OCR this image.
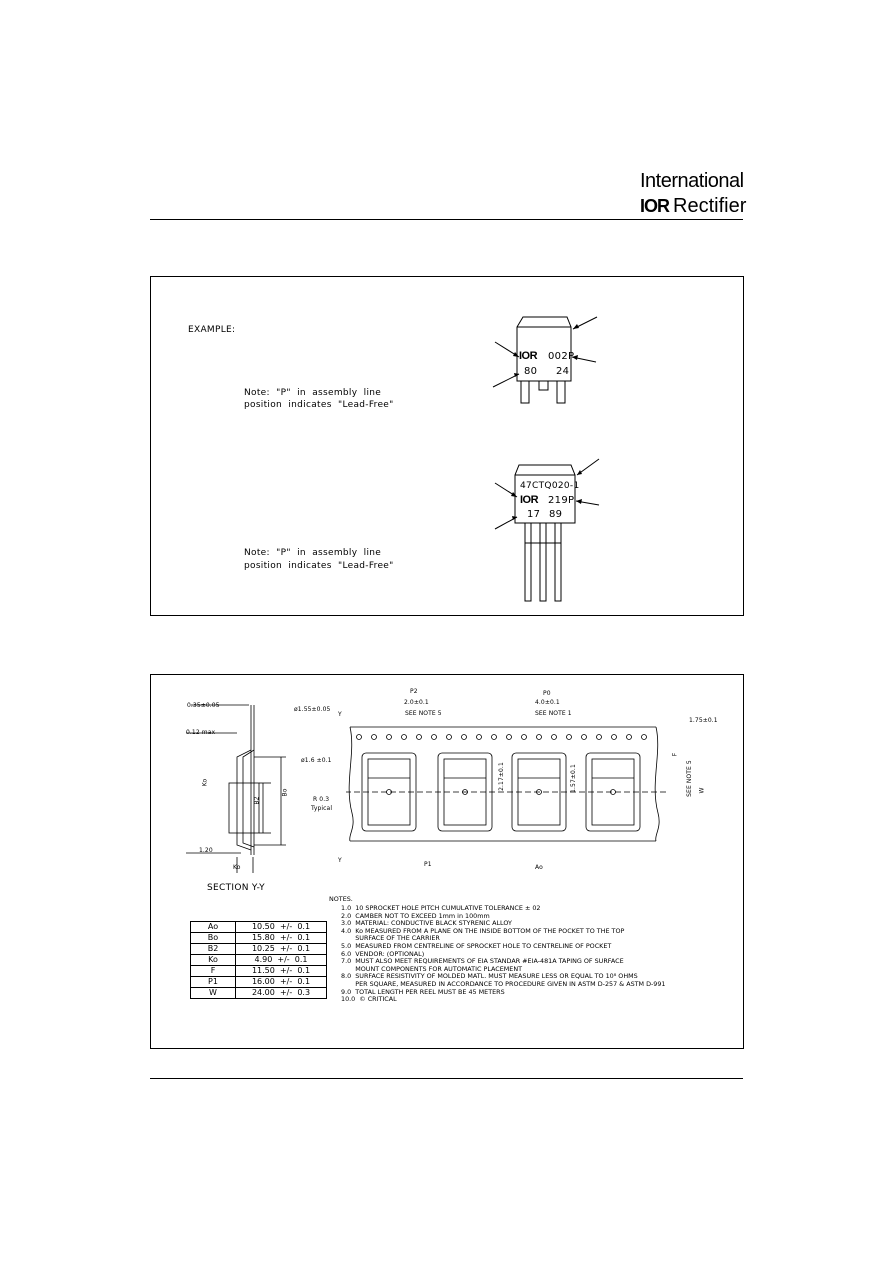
International
IOR Rectifier
EXAMPLE:
Note:  "P"  in  assembly  line
position  indicates  "Lead-Free"
Note:  "P"  in  assembly  line
position  indicates  "Lead-Free"
IOR 002P
80 24
47CTQ020-1
IOR 219P
17 89
0.35±0.05
0.12 max
Ko
B2
Bo
1.20
Ko
SECTION Y-Y
ø1.55±0.05
ø1.6 ±0.1
R 0.3
Typical
Y
Y
P2
2.0±0.1
SEE NOTE 5
P0
4.0±0.1
SEE NOTE 1
1.75±0.1
F
SEE NOTE 5 W
2.17±0.1	1.57±0.1
P1	Ao
NOTES.
1.0  10 SPROCKET HOLE PITCH CUMULATIVE TOLERANCE ± 02
2.0  CAMBER NOT TO EXCEED 1mm in 100mm
3.0  MATERIAL: CONDUCTIVE BLACK STYRENIC ALLOY
4.0  Ko MEASURED FROM A PLANE ON THE INSIDE BOTTOM OF THE POCKET TO THE TOP
SURFACE OF THE CARRIER
5.0  MEASURED FROM CENTRELINE OF SPROCKET HOLE TO CENTRELINE OF POCKET
6.0  VENDOR: (OPTIONAL)
7.0  MUST ALSO MEET REQUIREMENTS OF EIA STANDAR #EIA-481A TAPING OF SURFACE
MOUNT COMPONENTS FOR AUTOMATIC PLACEMENT
8.0  SURFACE RESISTIVITY OF MOLDED MATL. MUST MEASURE LESS OR EQUAL TO 10⁸ OHMS
PER SQUARE, MEASURED IN ACCORDANCE TO PROCEDURE GIVEN IN ASTM D-257 & ASTM D-991
9.0  TOTAL LENGTH PER REEL MUST BE 45 METERS
10.0  © CRITICAL
Ao	10.50  +/-  0.1
Bo	15.80  +/-  0.1
B2	10.25  +/-  0.1
Ko	4.90  +/-  0.1
F	11.50  +/-  0.1
P1	16.00  +/-  0.1
W	24.00  +/-  0.3
